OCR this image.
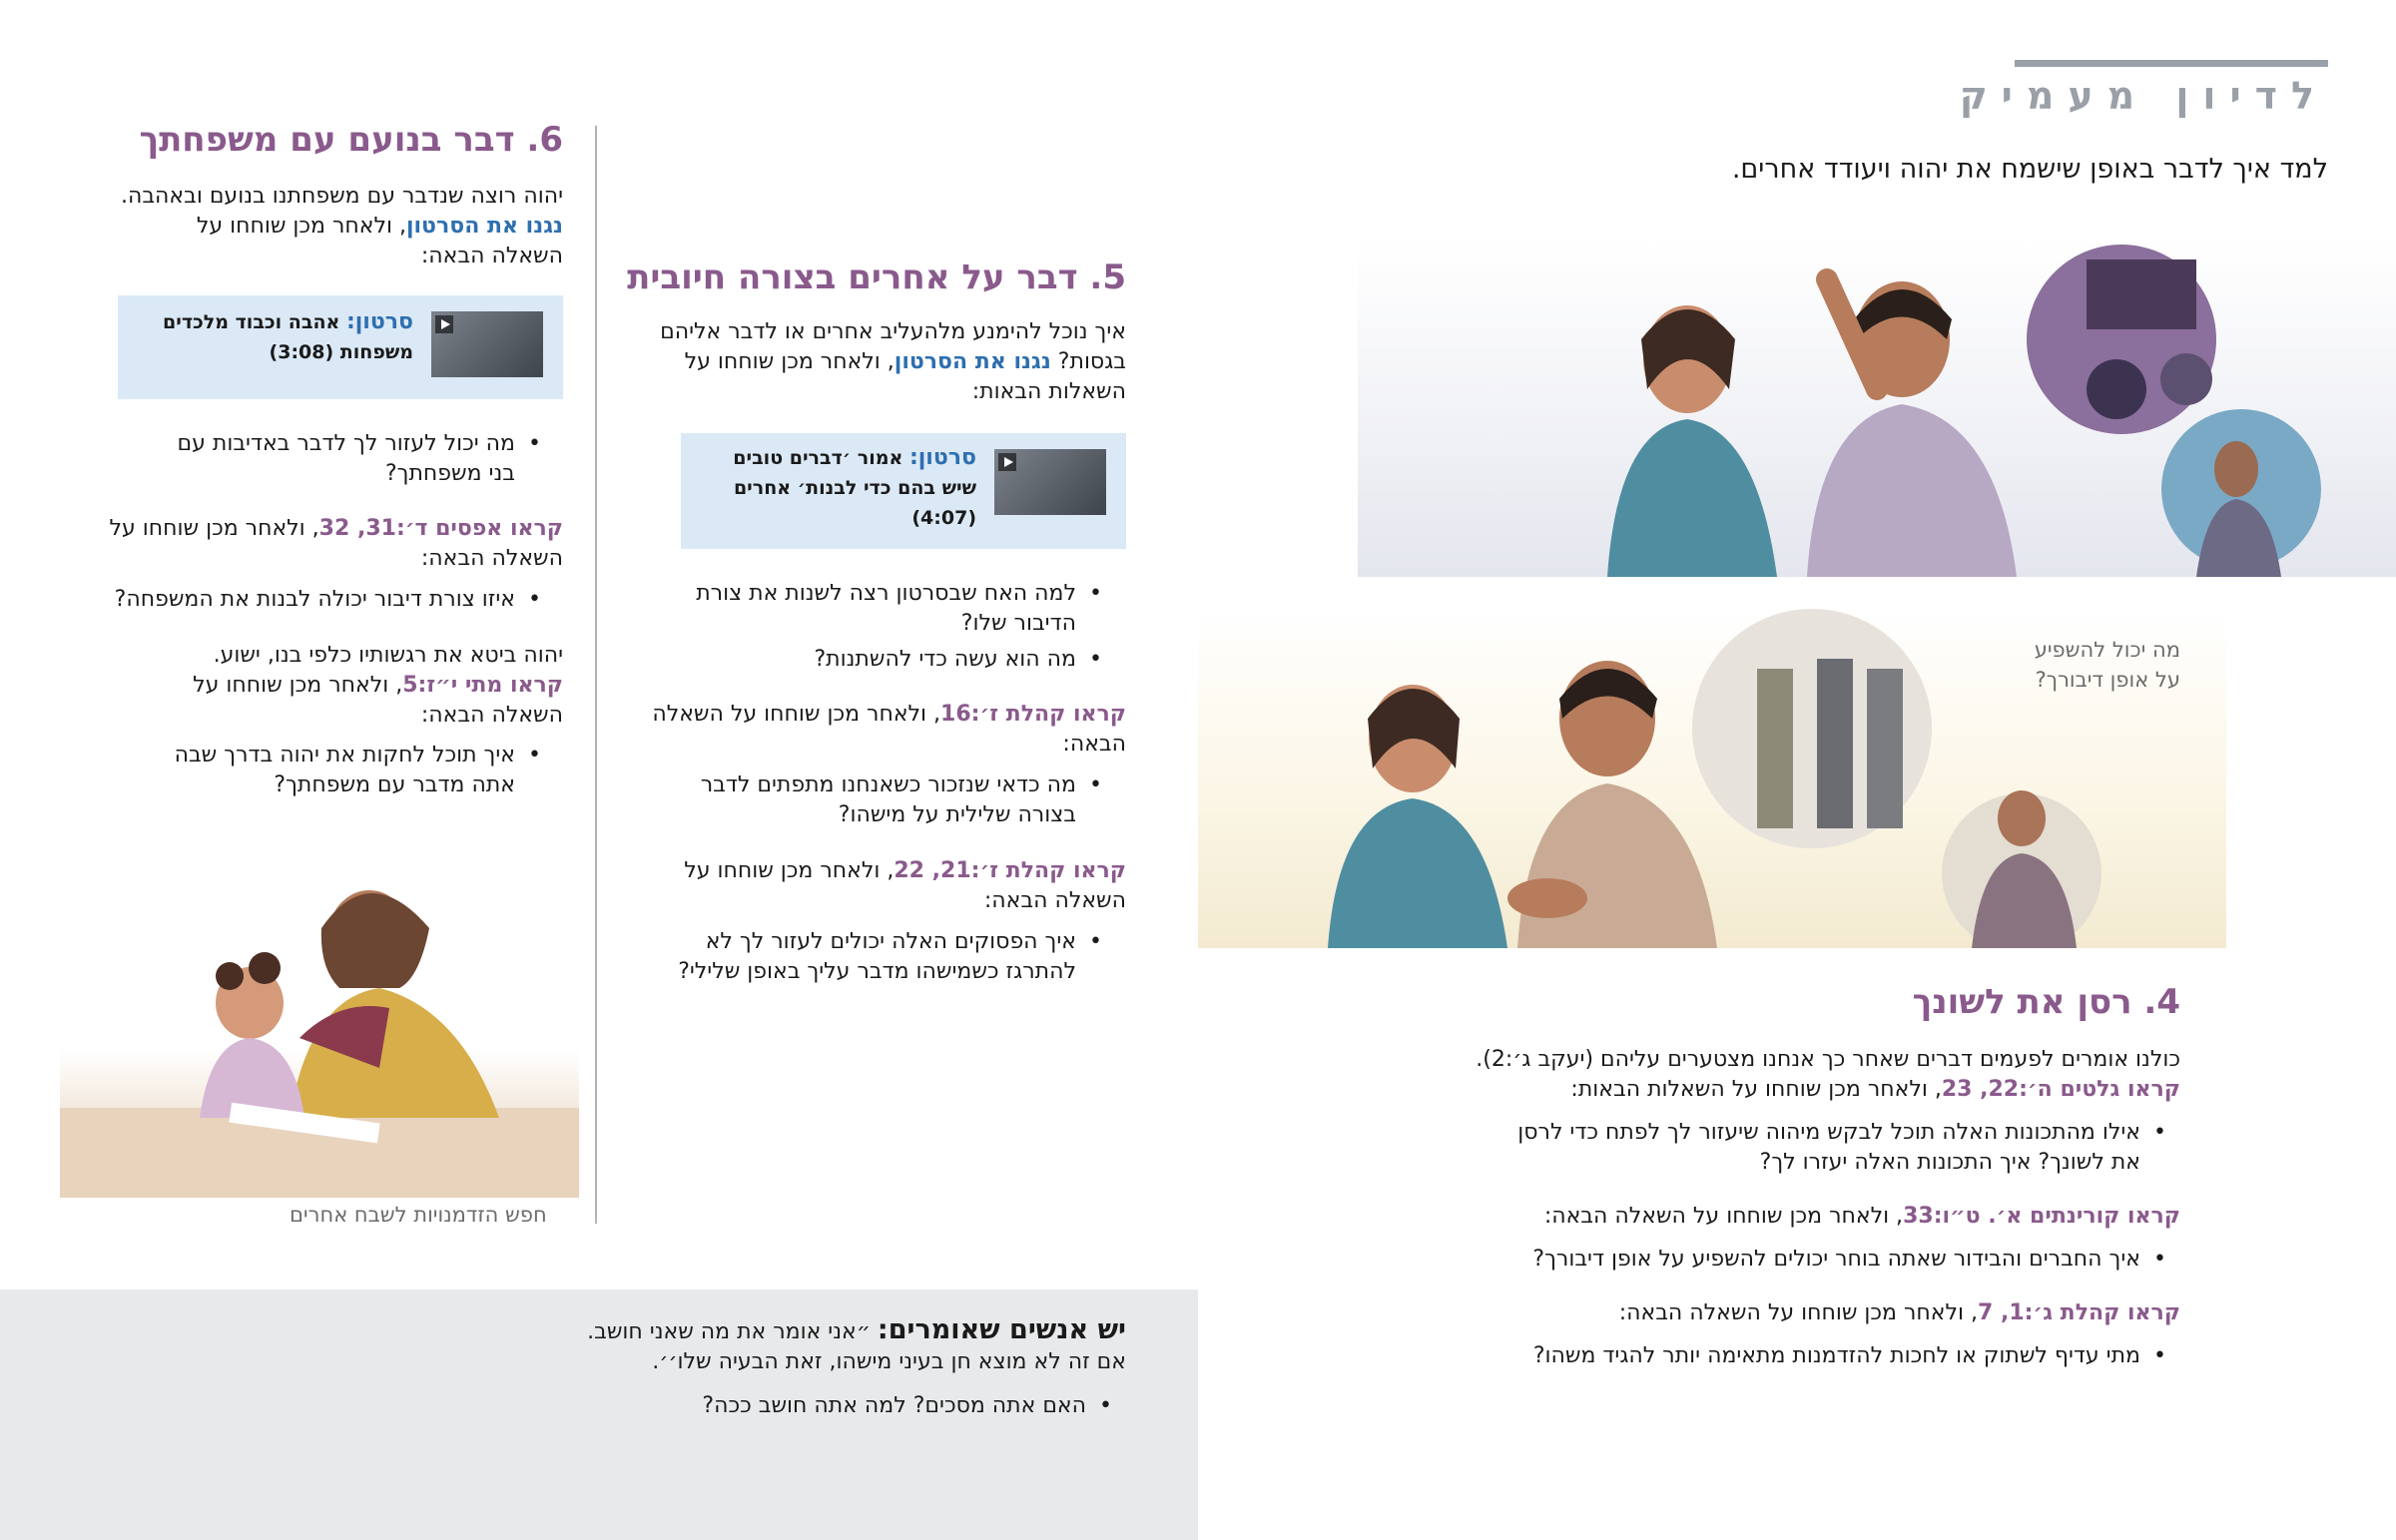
לדיון מעמיק
למד איך לדבר באופן שישמח את יהוה ויעודד אחרים.
מה יכול להשפיע
על אופן דיבורך?
4. רסן את לשונך
כולנו אומרים לפעמים דברים שאחר כך אנחנו מצטערים עליהם (יעקב ג׳:2).
קראו גלטים ה׳:22, 23, ולאחר מכן שוחחו על השאלות הבאות:
• אילו מהתכונות האלה תוכל לבקש מיהוה שיעזור לך לפתח כדי לרסן
את לשונך? איך התכונות האלה יעזרו לך?
קראו קורינתים א׳. ט״ו:33, ולאחר מכן שוחחו על השאלה הבאה:
• איך החברים והבידור שאתה בוחר יכולים להשפיע על אופן דיבורך?
קראו קהלת ג׳:1, 7, ולאחר מכן שוחחו על השאלה הבאה:
• מתי עדיף לשתוק או לחכות להזדמנות מתאימה יותר להגיד משהו?
5. דבר על אחרים בצורה חיובית
איך נוכל להימנע מלהעליב אחרים או לדבר אליהם
בגסות? נגנו את הסרטון, ולאחר מכן שוחחו על
השאלות הבאות:
סרטון: אמור ׳דברים טובים
שיש בהם כדי לבנות׳ אחרים
(4:07)
• למה האח שבסרטון רצה לשנות את צורת
הדיבור שלו?
• מה הוא עשה כדי להשתנות?
קראו קהלת ז׳:16, ולאחר מכן שוחחו על השאלה
הבאה:
• מה כדאי שנזכור כשאנחנו מתפתים לדבר
בצורה שלילית על מישהו?
קראו קהלת ז׳:21, 22, ולאחר מכן שוחחו על
השאלה הבאה:
• איך הפסוקים האלה יכולים לעזור לך לא
להתרגז כשמישהו מדבר עליך באופן שלילי?
6. דבר בנועם עם משפחתך
יהוה רוצה שנדבר עם משפחתנו בנועם ובאהבה.
נגנו את הסרטון, ולאחר מכן שוחחו על
השאלה הבאה:
סרטון: אהבה וכבוד מלכדים
משפחות (3:08)
• מה יכול לעזור לך לדבר באדיבות עם
בני משפחתך?
קראו אפסים ד׳:31, 32, ולאחר מכן שוחחו על
השאלה הבאה:
• איזו צורת דיבור יכולה לבנות את המשפחה?
יהוה ביטא את רגשותיו כלפי בנו, ישוע.
קראו מתי י״ז:5, ולאחר מכן שוחחו על
השאלה הבאה:
• איך תוכל לחקות את יהוה בדרך שבה
אתה מדבר עם משפחתך?
חפש הזדמנויות לשבח אחרים
יש אנשים שאומרים: ״אני אומר את מה שאני חושב.
אם זה לא מוצא חן בעיני מישהו, זאת הבעיה שלו׳׳.
• האם אתה מסכים? למה אתה חושב ככה?
